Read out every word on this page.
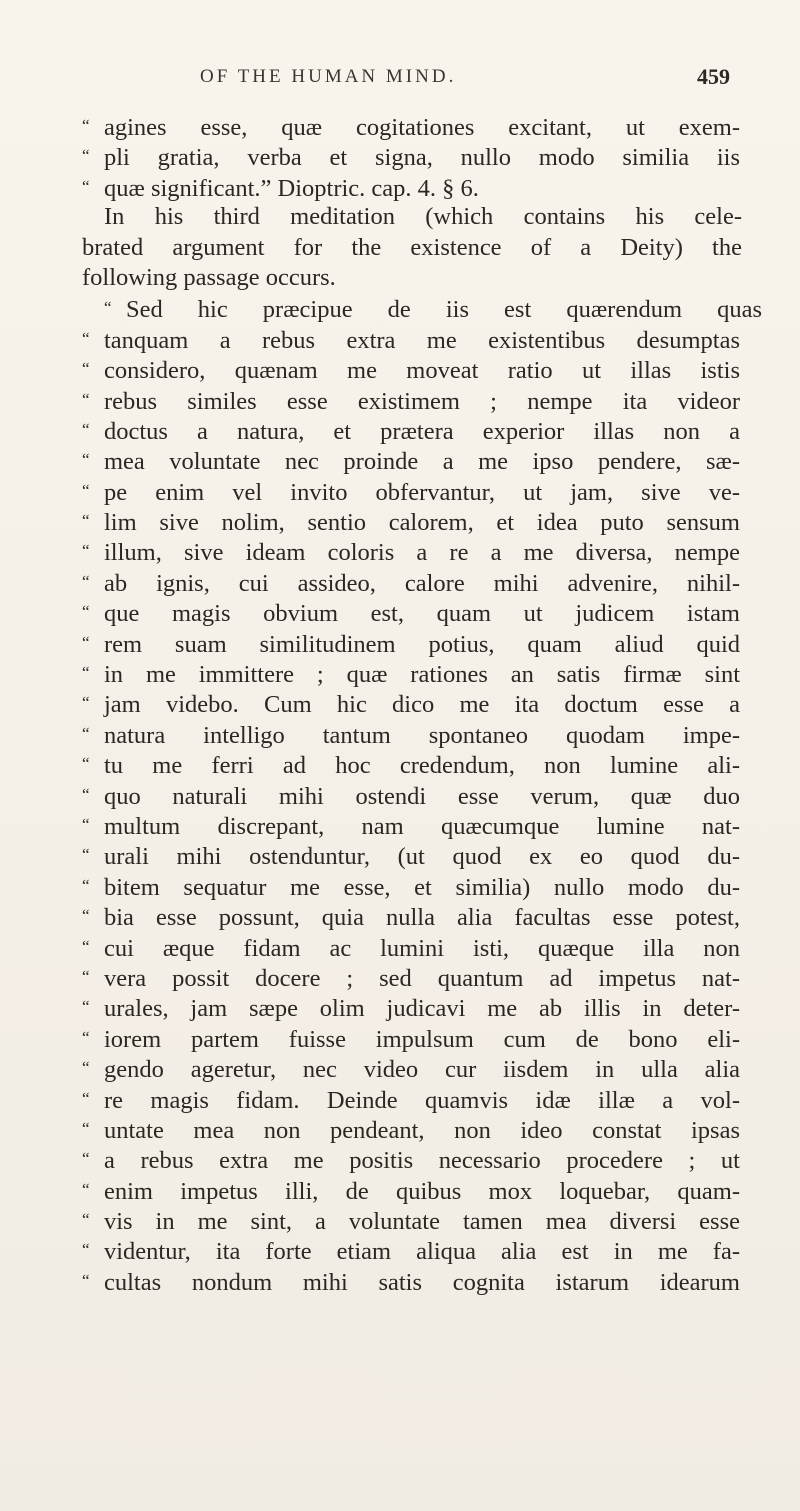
OF THE HUMAN MIND.	459
“ agines esse, quæ cogitationes excitant, ut exem-
“ pli gratia, verba et signa, nullo modo similia iis
“ quæ significant.” Dioptric. cap. 4. § 6.
In his third meditation (which contains his cele-
brated argument for the existence of a Deity) the
following passage occurs.
“ Sed hic præcipue de iis est quærendum quas
“ tanquam a rebus extra me existentibus desumptas
“ considero, quænam me moveat ratio ut illas istis
“ rebus similes esse existimem ; nempe ita videor
“ doctus a natura, et prætera experior illas non a
“ mea voluntate nec proinde a me ipso pendere, sæ-
“ pe enim vel invito obfervantur, ut jam, sive ve-
“ lim sive nolim, sentio calorem, et idea puto sensum
“ illum, sive ideam coloris a re a me diversa, nempe
“ ab ignis, cui assideo, calore mihi advenire, nihil-
“ que magis obvium est, quam ut judicem istam
“ rem suam similitudinem potius, quam aliud quid
“ in me immittere ; quæ rationes an satis firmæ sint
“ jam videbo. Cum hic dico me ita doctum esse a
“ natura intelligo tantum spontaneo quodam impe-
“ tu me ferri ad hoc credendum, non lumine ali-
“ quo naturali mihi ostendi esse verum, quæ duo
“ multum discrepant, nam quæcumque lumine nat-
“ urali mihi ostenduntur, (ut quod ex eo quod du-
“ bitem sequatur me esse, et similia) nullo modo du-
“ bia esse possunt, quia nulla alia facultas esse potest,
“ cui æque fidam ac lumini isti, quæque illa non
“ vera possit docere ; sed quantum ad impetus nat-
“ urales, jam sæpe olim judicavi me ab illis in deter-
“ iorem partem fuisse impulsum cum de bono eli-
“ gendo ageretur, nec video cur iisdem in ulla alia
“ re magis fidam. Deinde quamvis idæ illæ a vol-
“ untate mea non pendeant, non ideo constat ipsas
“ a rebus extra me positis necessario procedere ; ut
“ enim impetus illi, de quibus mox loquebar, quam-
“ vis in me sint, a voluntate tamen mea diversi esse
“ videntur, ita forte etiam aliqua alia est in me fa-
“ cultas nondum mihi satis cognita istarum idearum
